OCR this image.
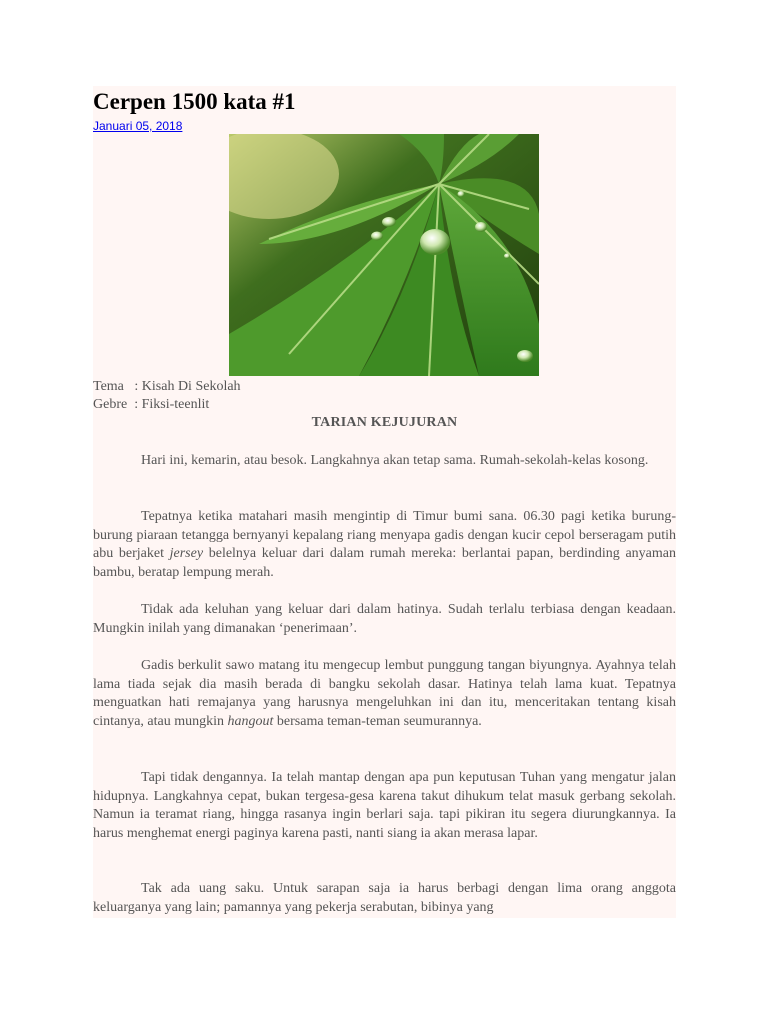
Cerpen 1500 kata #1
Januari 05, 2018
Tema   : Kisah Di Sekolah
Gebre  : Fiksi-teenlit
TARIAN KEJUJURAN

Hari ini, kemarin, atau besok. Langkahnya akan tetap sama. Rumah-sekolah-kelas kosong.

Tepatnya ketika matahari masih mengintip di Timur bumi sana. 06.30 pagi ketika burung-burung piaraan tetangga bernyanyi kepalang riang menyapa gadis dengan kucir cepol berseragam putih abu berjaket jersey belelnya keluar dari dalam rumah mereka: berlantai papan, berdinding anyaman bambu, beratap lempung merah.

Tidak ada keluhan yang keluar dari dalam hatinya. Sudah terlalu terbiasa dengan keadaan. Mungkin inilah yang dimanakan ‘penerimaan’.

Gadis berkulit sawo matang itu mengecup lembut punggung tangan biyungnya. Ayahnya telah lama tiada sejak dia masih berada di bangku sekolah dasar. Hatinya telah lama kuat. Tepatnya menguatkan hati remajanya yang harusnya mengeluhkan ini dan itu, menceritakan tentang kisah cintanya, atau mungkin hangout bersama teman-teman seumurannya.

Tapi tidak dengannya. Ia telah mantap dengan apa pun keputusan Tuhan yang mengatur jalan hidupnya. Langkahnya cepat, bukan tergesa-gesa karena takut dihukum telat masuk gerbang sekolah. Namun ia teramat riang, hingga rasanya ingin berlari saja. tapi pikiran itu segera diurungkannya. Ia harus menghemat energi paginya karena pasti, nanti siang ia akan merasa lapar.

Tak ada uang saku. Untuk sarapan saja ia harus berbagi dengan lima orang anggota keluarganya yang lain; pamannya yang pekerja serabutan, bibinya yang
